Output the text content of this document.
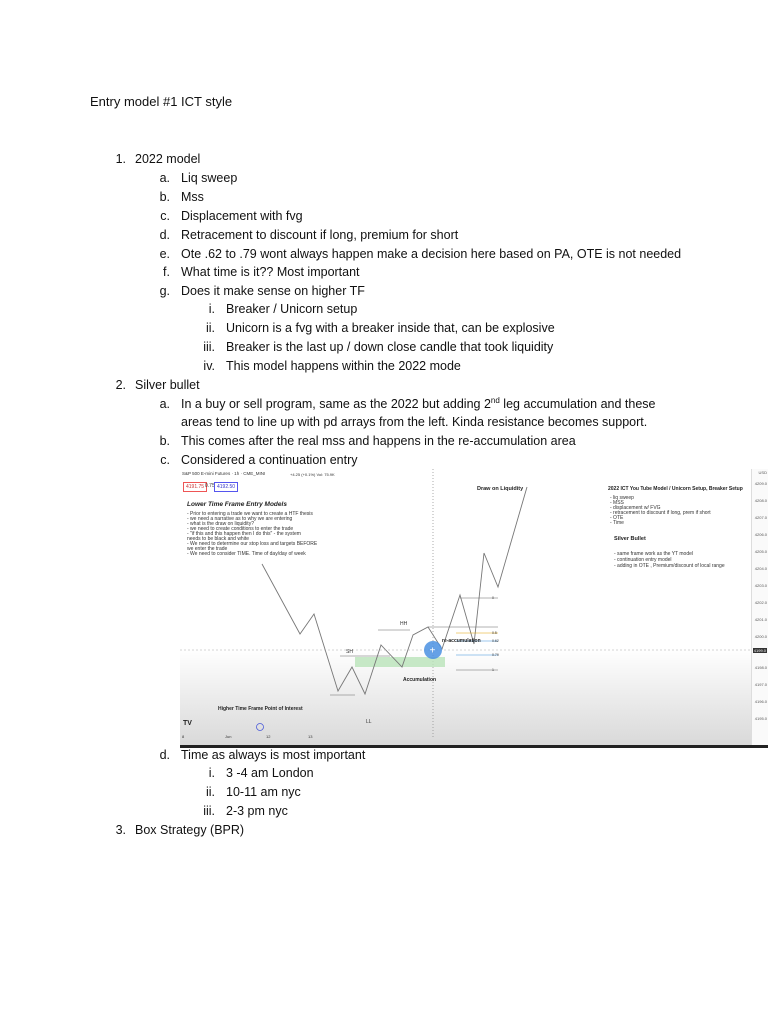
Entry model #1 ICT style
1. 2022 model
a. Liq sweep
b. Mss
c. Displacement with fvg
d. Retracement to discount if long, premium for short
e. Ote .62 to .79 wont always happen make a decision here based on PA, OTE is not needed
f. What time is it?? Most important
g. Does it make sense on higher TF
i. Breaker / Unicorn setup
ii. Unicorn is a fvg with a breaker inside that, can be explosive
iii. Breaker is the last up / down close candle that took liquidity
iv. This model happens within the 2022 mode
2. Silver bullet
a. In a buy or sell program, same as the 2022 but adding 2nd leg accumulation and these
areas tend to line up with pd arrays from the left. Kinda resistance becomes support.
b. This comes after the real mss and happens in the re-accumulation area
c. Considered a continuation entry
S&P 500 E-mini Futures · 1h · CME_MINI	+4.25 (+0.1%) Vol: 75.9K
4191.75 0.75 4192.50
Lower Time Frame Entry Models
- Prior to entering a trade we want to create a HTF thesis
- we need a narrative as to why we are entering
- what is the draw on liquidity?
- we need to create conditions to enter the trade
- "if this and this happen then I do this" - the system
needs to be black and white
- We need to determine our stop loss and targets BEFORE
we enter the trade
- We need to consider TIME. Time of day/day of week
Draw on Liquidity	2022 ICT You Tube Model / Unicorn Setup, Breaker Setup
- liq sweep
- MSS
- displacement w/ FVG
- retracement to discount if long, prem if short
- OTE
- Time
Silver Bullet
- same frame work as the YT model
- continuation entry model
- adding in OTE , Premium/discount of local range
+
SH
HH
LL
re-accumulation
Accumulation
Higher Time Frame Point of Interest
TV
0
0.5
0.62
0.79
1
USD
4209.0
4208.0
4207.0
4206.0
4205.0
4204.0
4203.0
4202.0
4201.0
4200.0
4199.0
4198.0
4197.0
4196.0
4195.0
8	Jun	12	13
d. Time as always is most important
i. 3 -4 am London
ii. 10-11 am nyc
iii. 2-3 pm nyc
3. Box Strategy (BPR)
